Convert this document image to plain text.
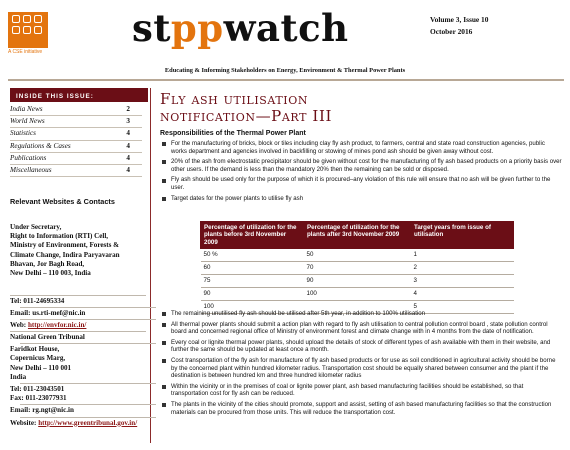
A CSE initiative
stppwatch	Volume 3, Issue 10
October 2016
Educating & Informing Stakeholders on Energy, Environment & Thermal Power Plants
INSIDE THIS ISSUE:
India News	2
World News	3
Statistics	4
Regulations & Cases	4
Publications	4
Miscellaneous	4
Relevant Websites & Contacts
Under Secretary,
Right to Information (RTI) Cell,
Ministry of Environment, Forests & Climate Change, Indira Paryavaran Bhavan, Jor Bagh Road,
New Delhi – 110 003, India
Tel: 011-24695334
Email: us.rti-mef@nic.in
Web: http://envfor.nic.in/
National Green Tribunal
Faridkot House,
Copernicus Marg,
New Delhi – 110 001
India
Tel: 011-23043501
Fax: 011-23077931
Email: rg.ngt@nic.in
Website: http://www.greentribunal.gov.in/
Fly ash utilisation
notification—Part III
Responsibilities of the Thermal Power Plant
For the manufacturing of bricks, block or tiles including clay fly ash product, to farmers, central and state road construction agencies, public works department and agencies involved in backfilling or stowing of mines pond ash should be given away without cost.
20% of the ash from electrostatic precipitator should be given without cost for the manufacturing of fly ash based products on a priority basis over other users. If the demand is less than the mandatory 20% then the remaining can be sold or disposed.
Fly ash should be used only for the purpose of which it is procured–any violation of this rule will ensure that no ash will be given further to the user.
Target dates for the power plants to utilise fly ash
Percentage of utilization for the plants before 3rd November 2009	Percentage of utilization for the plants after 3rd November 2009	Target years from issue of utilisation
50 %	50	1
60	70	2
75	90	3
90	100	4
100		5
The remaining unutilised fly ash should be utilised after 5th year, in addition to 100% utilisation
All thermal power plants should submit a action plan with regard to fly ash utilisation to central pollution control board , state pollution control board and concerned regional office of Ministry of environment forest and climate change with in 4 months from the date of notification.
Every coal or lignite thermal power plants, should upload the details of stock of different types of ash available with them in their website, and further the same should be updated at least once a month.
Cost transportation of the fly ash for manufacture of fly ash based products or for use as soil conditioned in agricultural activity should be borne by the concerned plant within hundred kilometer radius. Transportation cost should be equally shared between consumer and the plant if the destination is between hundred km and three hundred kilometer radius
Within the vicinity or in the premises of coal or lignite power plant, ash based manufacturing facilities should be established, so that transportation cost for fly ash can be reduced.
The plants in the vicinity of the cities should promote, support and assist, setting of ash based manufacturing facilities so that the construction materials can be procured from those units. This will reduce the transportation cost.
